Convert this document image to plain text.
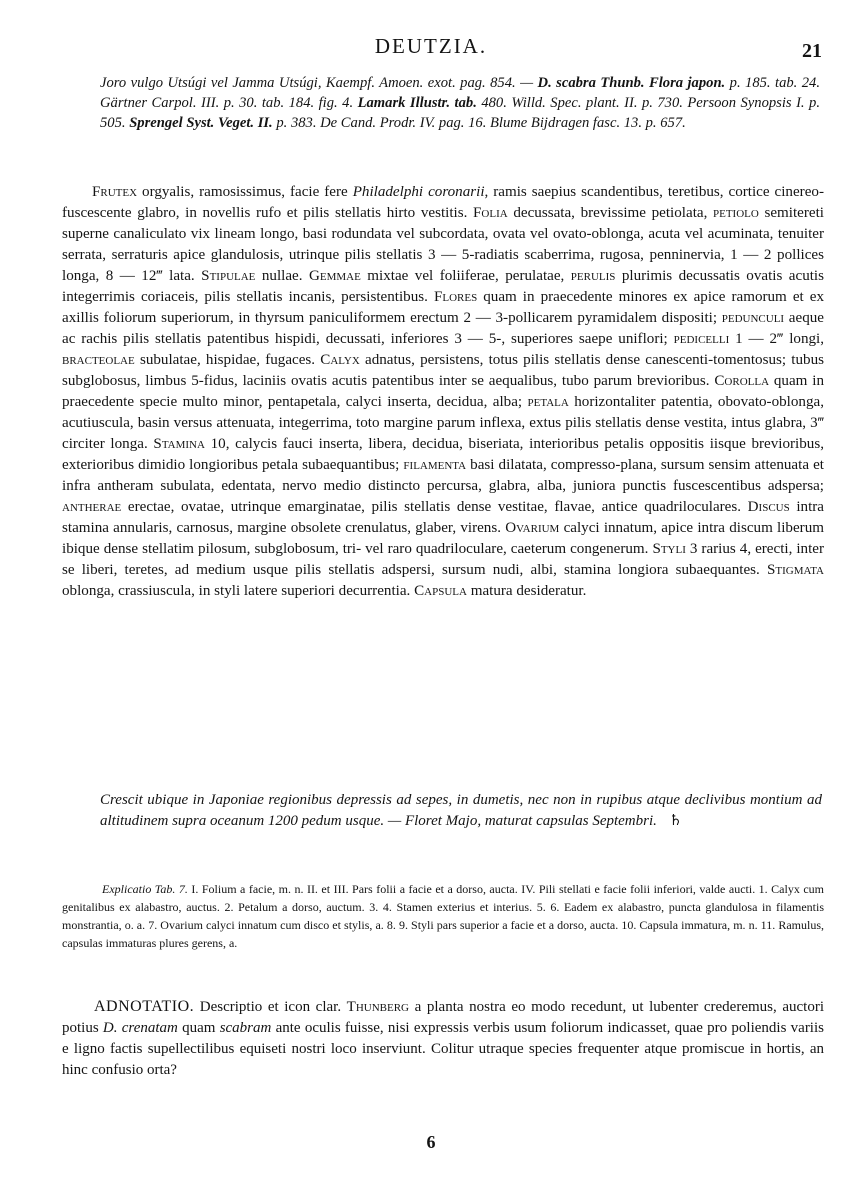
DEUTZIA.	21

Joro vulgo Utsúgi vel Jamma Utsúgi, Kaempf. Amoen. exot. pag. 854. — D. scabra Thunb. Flora japon. p. 185. tab. 24. Gärtner Carpol. III. p. 30. tab. 184. fig. 4. Lamark Illustr. tab. 480. Willd. Spec. plant. II. p. 730. Persoon Synopsis I. p. 505. Sprengel Syst. Veget. II. p. 383. De Cand. Prodr. IV. pag. 16. Blume Bijdragen fasc. 13. p. 657.

Frutex orgyalis, ramosissimus, facie fere Philadelphi coronarii, ramis saepius scandentibus, teretibus, cortice cinereo-fuscescente glabro, in novellis rufo et pilis stellatis hirto vestitis. Folia decussata, brevissime petiolata, petiolo semitereti superne canaliculato vix lineam longo, basi rodundata vel subcordata, ovata vel ovato-oblonga, acuta vel acuminata, tenuiter serrata, serraturis apice glandulosis, utrinque pilis stellatis 3 — 5-radiatis scaberrima, rugosa, penninervia, 1 — 2 pollices longa, 8 — 12‴ lata. Stipulae nullae. Gemmae mixtae vel foliiferae, perulatae, perulis plurimis decussatis ovatis acutis integerrimis coriaceis, pilis stellatis incanis, persistentibus. Flores quam in praecedente minores ex apice ramorum et ex axillis foliorum superiorum, in thyrsum paniculiformem erectum 2 — 3-pollicarem pyramidalem dispositi; pedunculi aeque ac rachis pilis stellatis patentibus hispidi, decussati, inferiores 3 — 5-, superiores saepe uniflori; pedicelli 1 — 2‴ longi, bracteolae subulatae, hispidae, fugaces. Calyx adnatus, persistens, totus pilis stellatis dense canescenti-tomentosus; tubus subglobosus, limbus 5-fidus, laciniis ovatis acutis patentibus inter se aequalibus, tubo parum brevioribus. Corolla quam in praecedente specie multo minor, pentapetala, calyci inserta, decidua, alba; petala horizontaliter patentia, obovato-oblonga, acutiuscula, basin versus attenuata, integerrima, toto margine parum inflexa, extus pilis stellatis dense vestita, intus glabra, 3‴ circiter longa. Stamina 10, calycis fauci inserta, libera, decidua, biseriata, interioribus petalis oppositis iisque brevioribus, exterioribus dimidio longioribus petala subaequantibus; filamenta basi dilatata, compresso-plana, sursum sensim attenuata et infra antheram subulata, edentata, nervo medio distincto percursa, glabra, alba, juniora punctis fuscescentibus adspersa; antherae erectae, ovatae, utrinque emarginatae, pilis stellatis dense vestitae, flavae, antice quadriloculares. Discus intra stamina annularis, carnosus, margine obsolete crenulatus, glaber, virens. Ovarium calyci innatum, apice intra discum liberum ibique dense stellatim pilosum, subglobosum, tri- vel raro quadriloculare, caeterum congenerum. Styli 3 rarius 4, erecti, inter se liberi, teretes, ad medium usque pilis stellatis adspersi, sursum nudi, albi, stamina longiora subaequantes. Stigmata oblonga, crassiuscula, in styli latere superiori decurrentia. Capsula matura desideratur.

Crescit ubique in Japoniae regionibus depressis ad sepes, in dumetis, nec non in rupibus atque declivibus montium ad altitudinem supra oceanum 1200 pedum usque. — Floret Majo, maturat capsulas Septembri. ♄

Explicatio Tab. 7. I. Folium a facie, m. n. II. et III. Pars folii a facie et a dorso, aucta. IV. Pili stellati e facie folii inferiori, valde aucti. 1. Calyx cum genitalibus ex alabastro, auctus. 2. Petalum a dorso, auctum. 3. 4. Stamen exterius et interius. 5. 6. Eadem ex alabastro, puncta glandulosa in filamentis monstrantia, o. a. 7. Ovarium calyci innatum cum disco et stylis, a. 8. 9. Styli pars superior a facie et a dorso, aucta. 10. Capsula immatura, m. n. 11. Ramulus, capsulas immaturas plures gerens, a.

ADNOTATIO. Descriptio et icon clar. Thunberg a planta nostra eo modo recedunt, ut lubenter crederemus, auctori potius D. crenatam quam scabram ante oculis fuisse, nisi expressis verbis usum foliorum indicasset, quae pro poliendis variis e ligno factis supellectilibus equiseti nostri loco inserviunt. Colitur utraque species frequenter atque promiscue in hortis, an hinc confusio orta?

6
